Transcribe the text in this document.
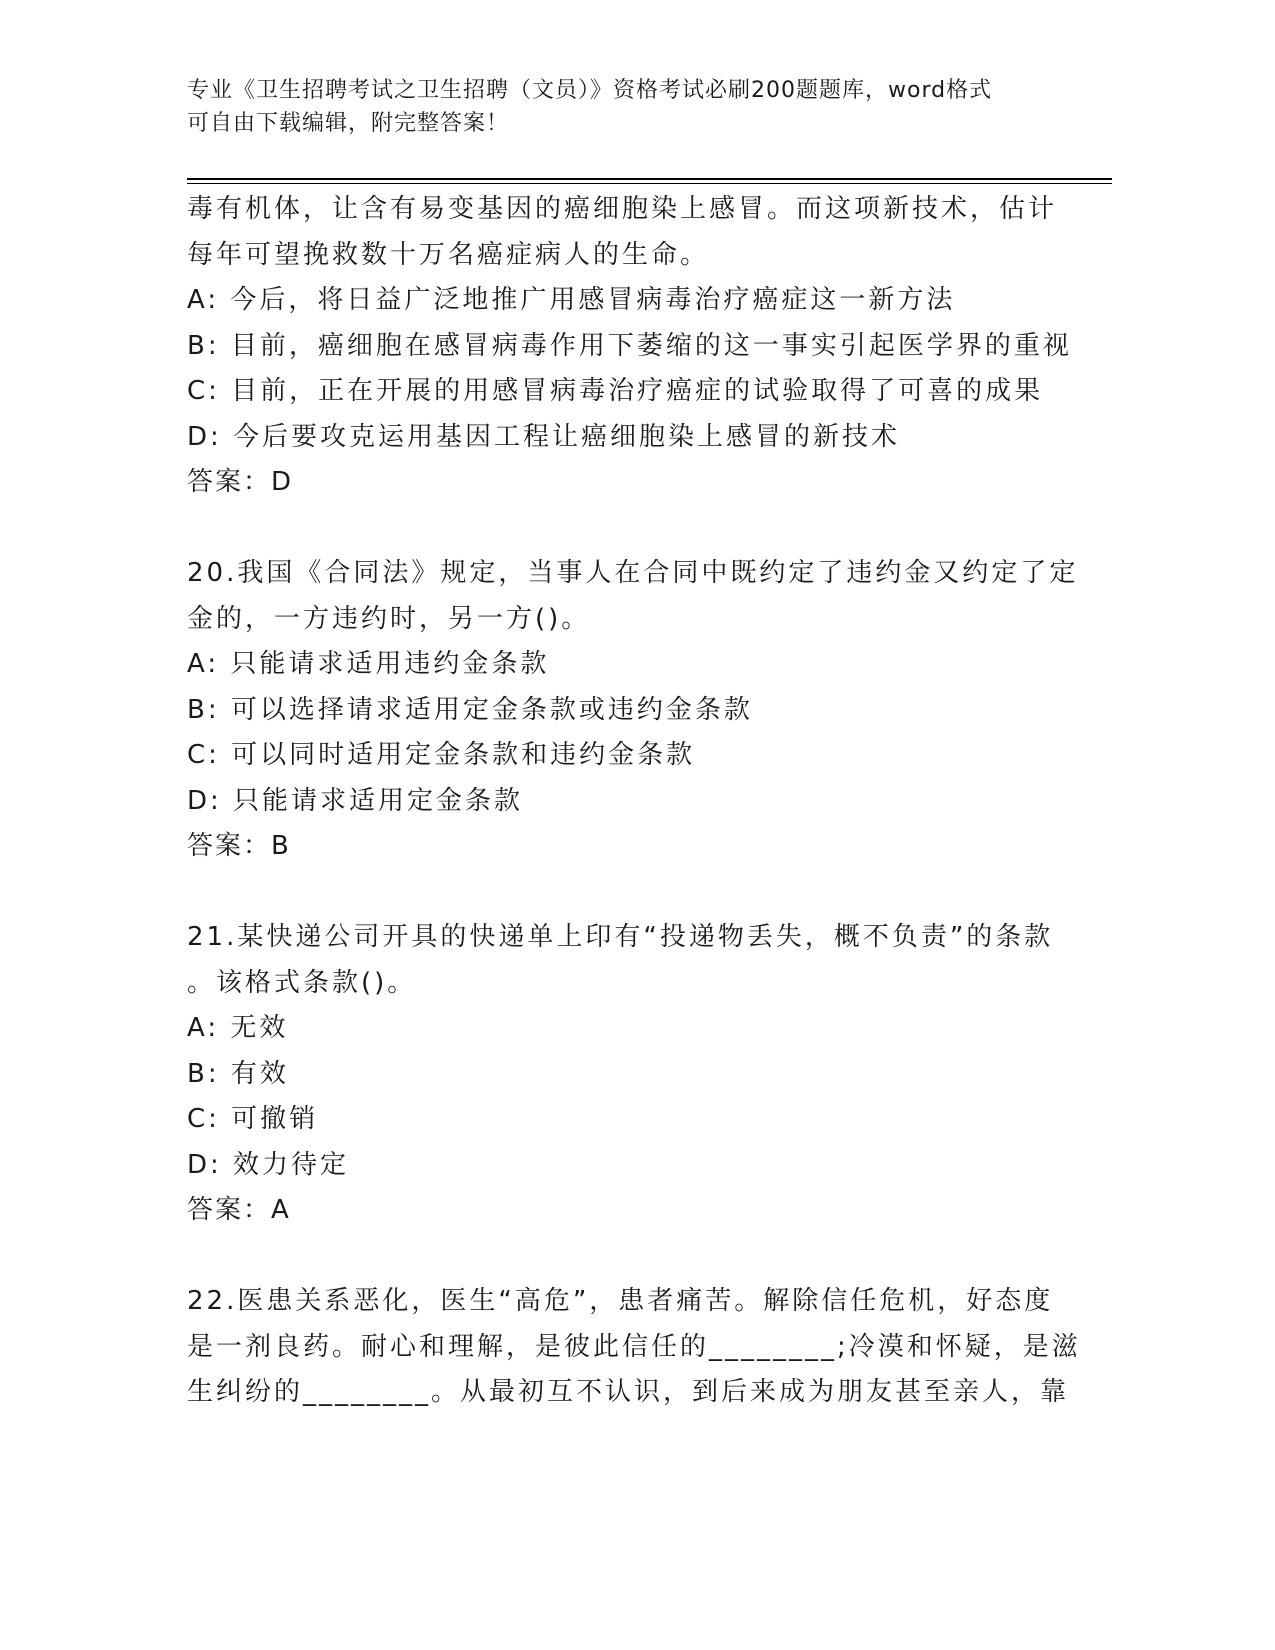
专业《卫生招聘考试之卫生招聘（文员）》资格考试必刷200题题库，word格式
可自由下载编辑，附完整答案！
毒有机体，让含有易变基因的癌细胞染上感冒。而这项新技术，估计
每年可望挽救数十万名癌症病人的生命。
A: 今后，将日益广泛地推广用感冒病毒治疗癌症这一新方法
B: 目前，癌细胞在感冒病毒作用下萎缩的这一事实引起医学界的重视
C: 目前，正在开展的用感冒病毒治疗癌症的试验取得了可喜的成果
D: 今后要攻克运用基因工程让癌细胞染上感冒的新技术
答案：D
20.我国《合同法》规定，当事人在合同中既约定了违约金又约定了定
金的，一方违约时，另一方()。
A: 只能请求适用违约金条款
B: 可以选择请求适用定金条款或违约金条款
C: 可以同时适用定金条款和违约金条款
D: 只能请求适用定金条款
答案：B
21.某快递公司开具的快递单上印有“投递物丢失，概不负责”的条款
。该格式条款()。
A: 无效
B: 有效
C: 可撤销
D: 效力待定
答案：A
22.医患关系恶化，医生“高危”，患者痛苦。解除信任危机，好态度
是一剂良药。耐心和理解，是彼此信任的________;冷漠和怀疑，是滋
生纠纷的________。从最初互不认识，到后来成为朋友甚至亲人，靠
